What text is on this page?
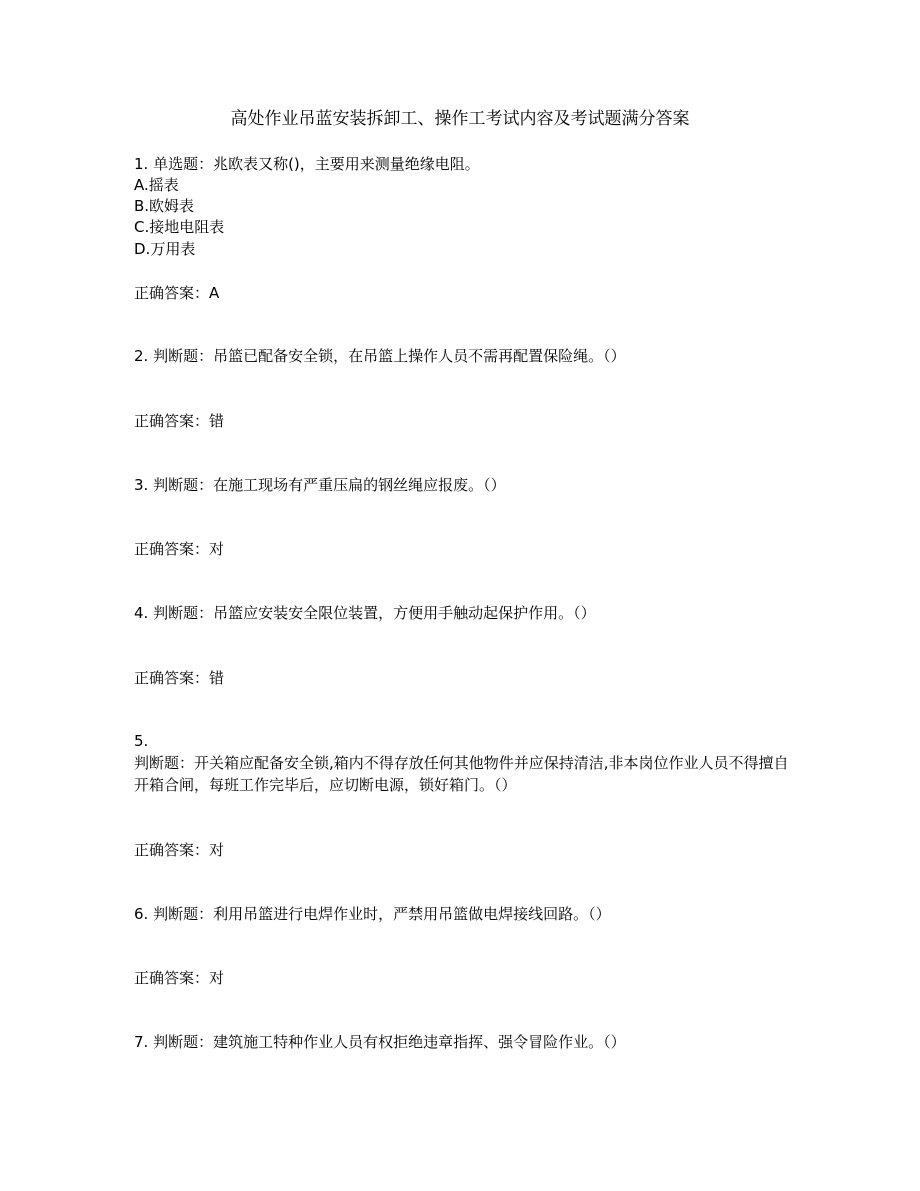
高处作业吊蓝安装拆卸工、操作工考试内容及考试题满分答案
1. 单选题：兆欧表又称()，主要用来测量绝缘电阻。
A.摇表
B.欧姆表
C.接地电阻表
D.万用表
正确答案：A
2. 判断题：吊篮已配备安全锁，在吊篮上操作人员不需再配置保险绳。（）
正确答案：错
3. 判断题：在施工现场有严重压扁的钢丝绳应报废。（）
正确答案：对
4. 判断题：吊篮应安装安全限位装置，方便用手触动起保护作用。（）
正确答案：错
5.
判断题：开关箱应配备安全锁,箱内不得存放任何其他物件并应保持清洁,非本岗位作业人员不得擅自开箱合闸，每班工作完毕后，应切断电源，锁好箱门。（）
正确答案：对
6. 判断题：利用吊篮进行电焊作业时，严禁用吊篮做电焊接线回路。（）
正确答案：对
7. 判断题：建筑施工特种作业人员有权拒绝违章指挥、强令冒险作业。（）
